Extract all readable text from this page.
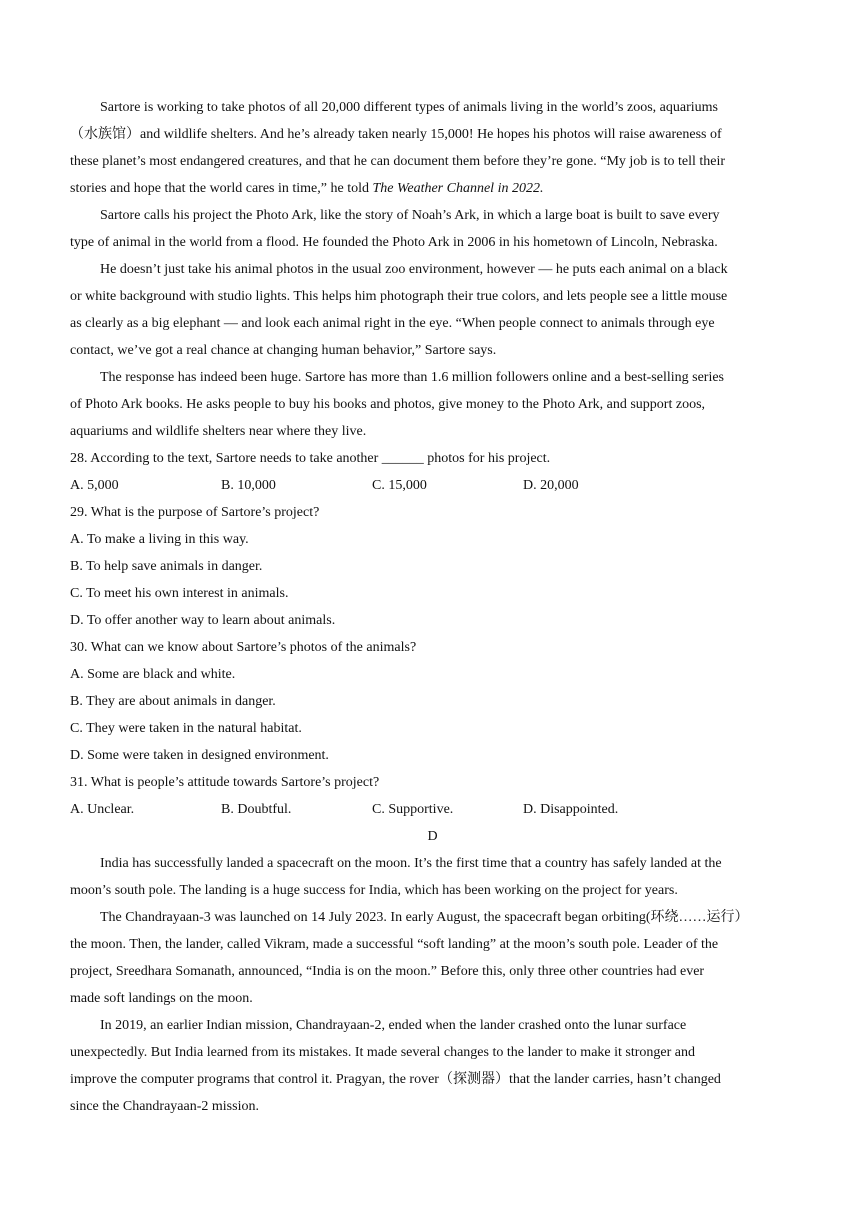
Sartore is working to take photos of all 20,000 different types of animals living in the world’s zoos, aquariums
（水族馆）and wildlife shelters. And he’s already taken nearly 15,000! He hopes his photos will raise awareness of
these planet’s most endangered creatures, and that he can document them before they’re gone. “My job is to tell their
stories and hope that the world cares in time,” he told The Weather Channel in 2022.
Sartore calls his project the Photo Ark, like the story of Noah’s Ark, in which a large boat is built to save every
type of animal in the world from a flood. He founded the Photo Ark in 2006 in his hometown of Lincoln, Nebraska.
He doesn’t just take his animal photos in the usual zoo environment, however — he puts each animal on a black
or white background with studio lights. This helps him photograph their true colors, and lets people see a little mouse
as clearly as a big elephant — and look each animal right in the eye. “When people connect to animals through eye
contact, we’ve got a real chance at changing human behavior,” Sartore says.
The response has indeed been huge. Sartore has more than 1.6 million followers online and a best-selling series
of Photo Ark books. He asks people to buy his books and photos, give money to the Photo Ark, and support zoos,
aquariums and wildlife shelters near where they live.
28. According to the text, Sartore needs to take another ______ photos for his project.
A. 5,000	B. 10,000	C. 15,000	D. 20,000
29. What is the purpose of Sartore’s project?
A. To make a living in this way.
B. To help save animals in danger.
C. To meet his own interest in animals.
D. To offer another way to learn about animals.
30. What can we know about Sartore’s photos of the animals?
A. Some are black and white.
B. They are about animals in danger.
C. They were taken in the natural habitat.
D. Some were taken in designed environment.
31. What is people’s attitude towards Sartore’s project?
A. Unclear.	B. Doubtful.	C. Supportive.	D. Disappointed.
D
India has successfully landed a spacecraft on the moon. It’s the first time that a country has safely landed at the
moon’s south pole. The landing is a huge success for India, which has been working on the project for years.
The Chandrayaan-3 was launched on 14 July 2023. In early August, the spacecraft began orbiting(环绕……运行）
the moon. Then, the lander, called Vikram, made a successful “soft landing” at the moon’s south pole. Leader of the
project, Sreedhara Somanath, announced, “India is on the moon.” Before this, only three other countries had ever
made soft landings on the moon.
In 2019, an earlier Indian mission, Chandrayaan-2, ended when the lander crashed onto the lunar surface
unexpectedly. But India learned from its mistakes. It made several changes to the lander to make it stronger and
improve the computer programs that control it. Pragyan, the rover（探测器）that the lander carries, hasn’t changed
since the Chandrayaan-2 mission.
